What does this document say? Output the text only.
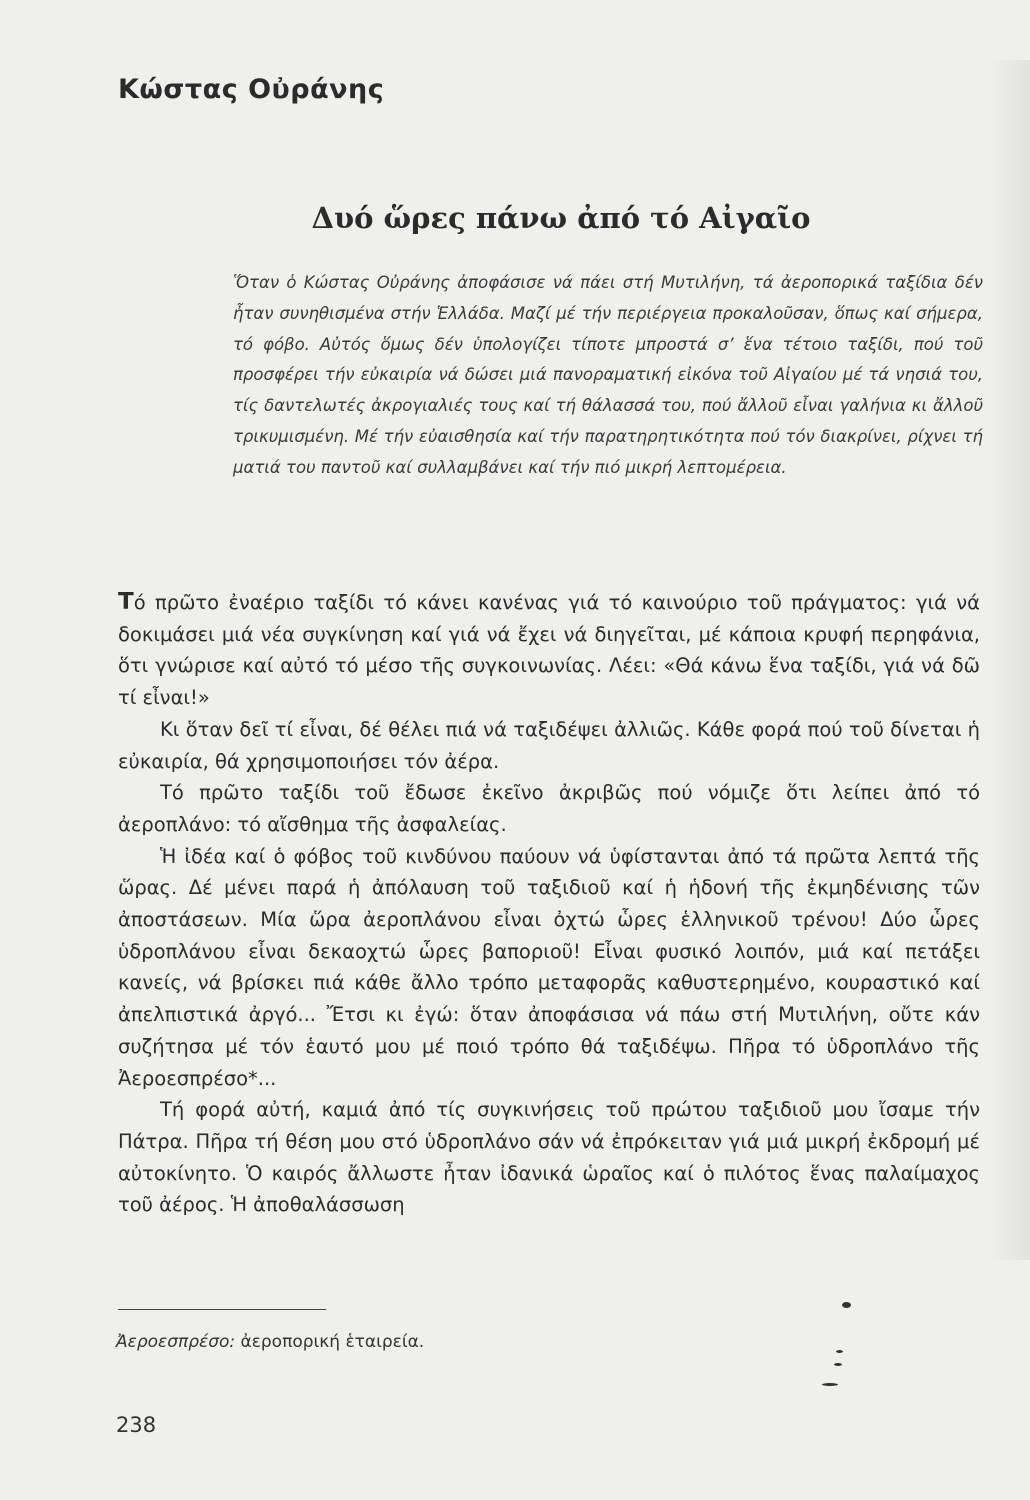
Κώστας Οὐράνης
Δυό ὥρες πάνω ἀπό τό Αἰγαῖο

Ὅταν ὁ Κώστας Οὐράνης ἀποφάσισε νά πάει στή Μυτιλήνη, τά ἀεροπορικά ταξίδια δέν ἦταν συνηθισμένα στήν Ἑλλάδα. Μαζί μέ τήν περιέργεια προκαλοῦσαν, ὅπως καί σήμερα, τό φόβο. Αὐτός ὅμως δέν ὑπολογίζει τίποτε μπροστά σ’ ἕνα τέτοιο ταξίδι, πού τοῦ προσφέρει τήν εὐκαιρία νά δώσει μιά πανοραματική εἰκόνα τοῦ Αἰγαίου μέ τά νησιά του, τίς δαντελωτές ἀκρογιαλιές τους καί τή θάλασσά του, πού ἄλλοῦ εἶναι γαλήνια κι ἄλλοῦ τρικυμισμένη. Μέ τήν εὐαισθησία καί τήν παρατηρητικότητα πού τόν διακρίνει, ρίχνει τή ματιά του παντοῦ καί συλλαμβάνει καί τήν πιό μικρή λεπτομέρεια.

Τό πρῶτο ἐναέριο ταξίδι τό κάνει κανένας γιά τό καινούριο τοῦ πράγματος: γιά νά δοκιμάσει μιά νέα συγκίνηση καί γιά νά ἔχει νά διηγεῖται, μέ κάποια κρυφή περηφάνια, ὅτι γνώρισε καί αὐτό τό μέσο τῆς συγκοινωνίας. Λέει: «Θά κάνω ἕνα ταξίδι, γιά νά δῶ τί εἶναι!»

Κι ὅταν δεῖ τί εἶναι, δέ θέλει πιά νά ταξιδέψει ἀλλιῶς. Κάθε φορά πού τοῦ δίνεται ἡ εὐκαιρία, θά χρησιμοποιήσει τόν ἀέρα.

Τό πρῶτο ταξίδι τοῦ ἔδωσε ἐκεῖνο ἀκριβῶς πού νόμιζε ὅτι λείπει ἀπό τό ἀεροπλάνο: τό αἴσθημα τῆς ἀσφαλείας.

Ἡ ἰδέα καί ὁ φόβος τοῦ κινδύνου παύουν νά ὑφίστανται ἀπό τά πρῶτα λεπτά τῆς ὥρας. Δέ μένει παρά ἡ ἀπόλαυση τοῦ ταξιδιοῦ καί ἡ ἡδονή τῆς ἐκμηδένισης τῶν ἀποστάσεων. Μία ὥρα ἀεροπλάνου εἶναι ὀχτώ ὧρες ἑλληνικοῦ τρένου! Δύο ὧρες ὑδροπλάνου εἶναι δεκαοχτώ ὧρες βαποριοῦ! Εἶναι φυσικό λοιπόν, μιά καί πετάξει κανείς, νά βρίσκει πιά κάθε ἄλλο τρόπο μεταφορᾶς καθυστερημένο, κουραστικό καί ἀπελπιστικά ἀργό... Ἔτσι κι ἐγώ: ὅταν ἀποφάσισα νά πάω στή Μυτιλήνη, οὔτε κάν συζήτησα μέ τόν ἑαυτό μου μέ ποιό τρόπο θά ταξιδέψω. Πῆρα τό ὑδροπλάνο τῆς Ἀεροεσπρέσο*...

Τή φορά αὐτή, καμιά ἀπό τίς συγκινήσεις τοῦ πρώτου ταξιδιοῦ μου ἴσαμε τήν Πάτρα. Πῆρα τή θέση μου στό ὑδροπλάνο σάν νά ἐπρόκειταν γιά μιά μικρή ἐκδρομή μέ αὐτοκίνητο. Ὁ καιρός ἄλλωστε ἦταν ἰδανικά ὡραῖος καί ὁ πιλότος ἕνας παλαίμαχος τοῦ ἀέρος. Ἡ ἀποθαλάσσωση

Ἀεροεσπρέσο: ἀεροπορική ἑταιρεία.
238
